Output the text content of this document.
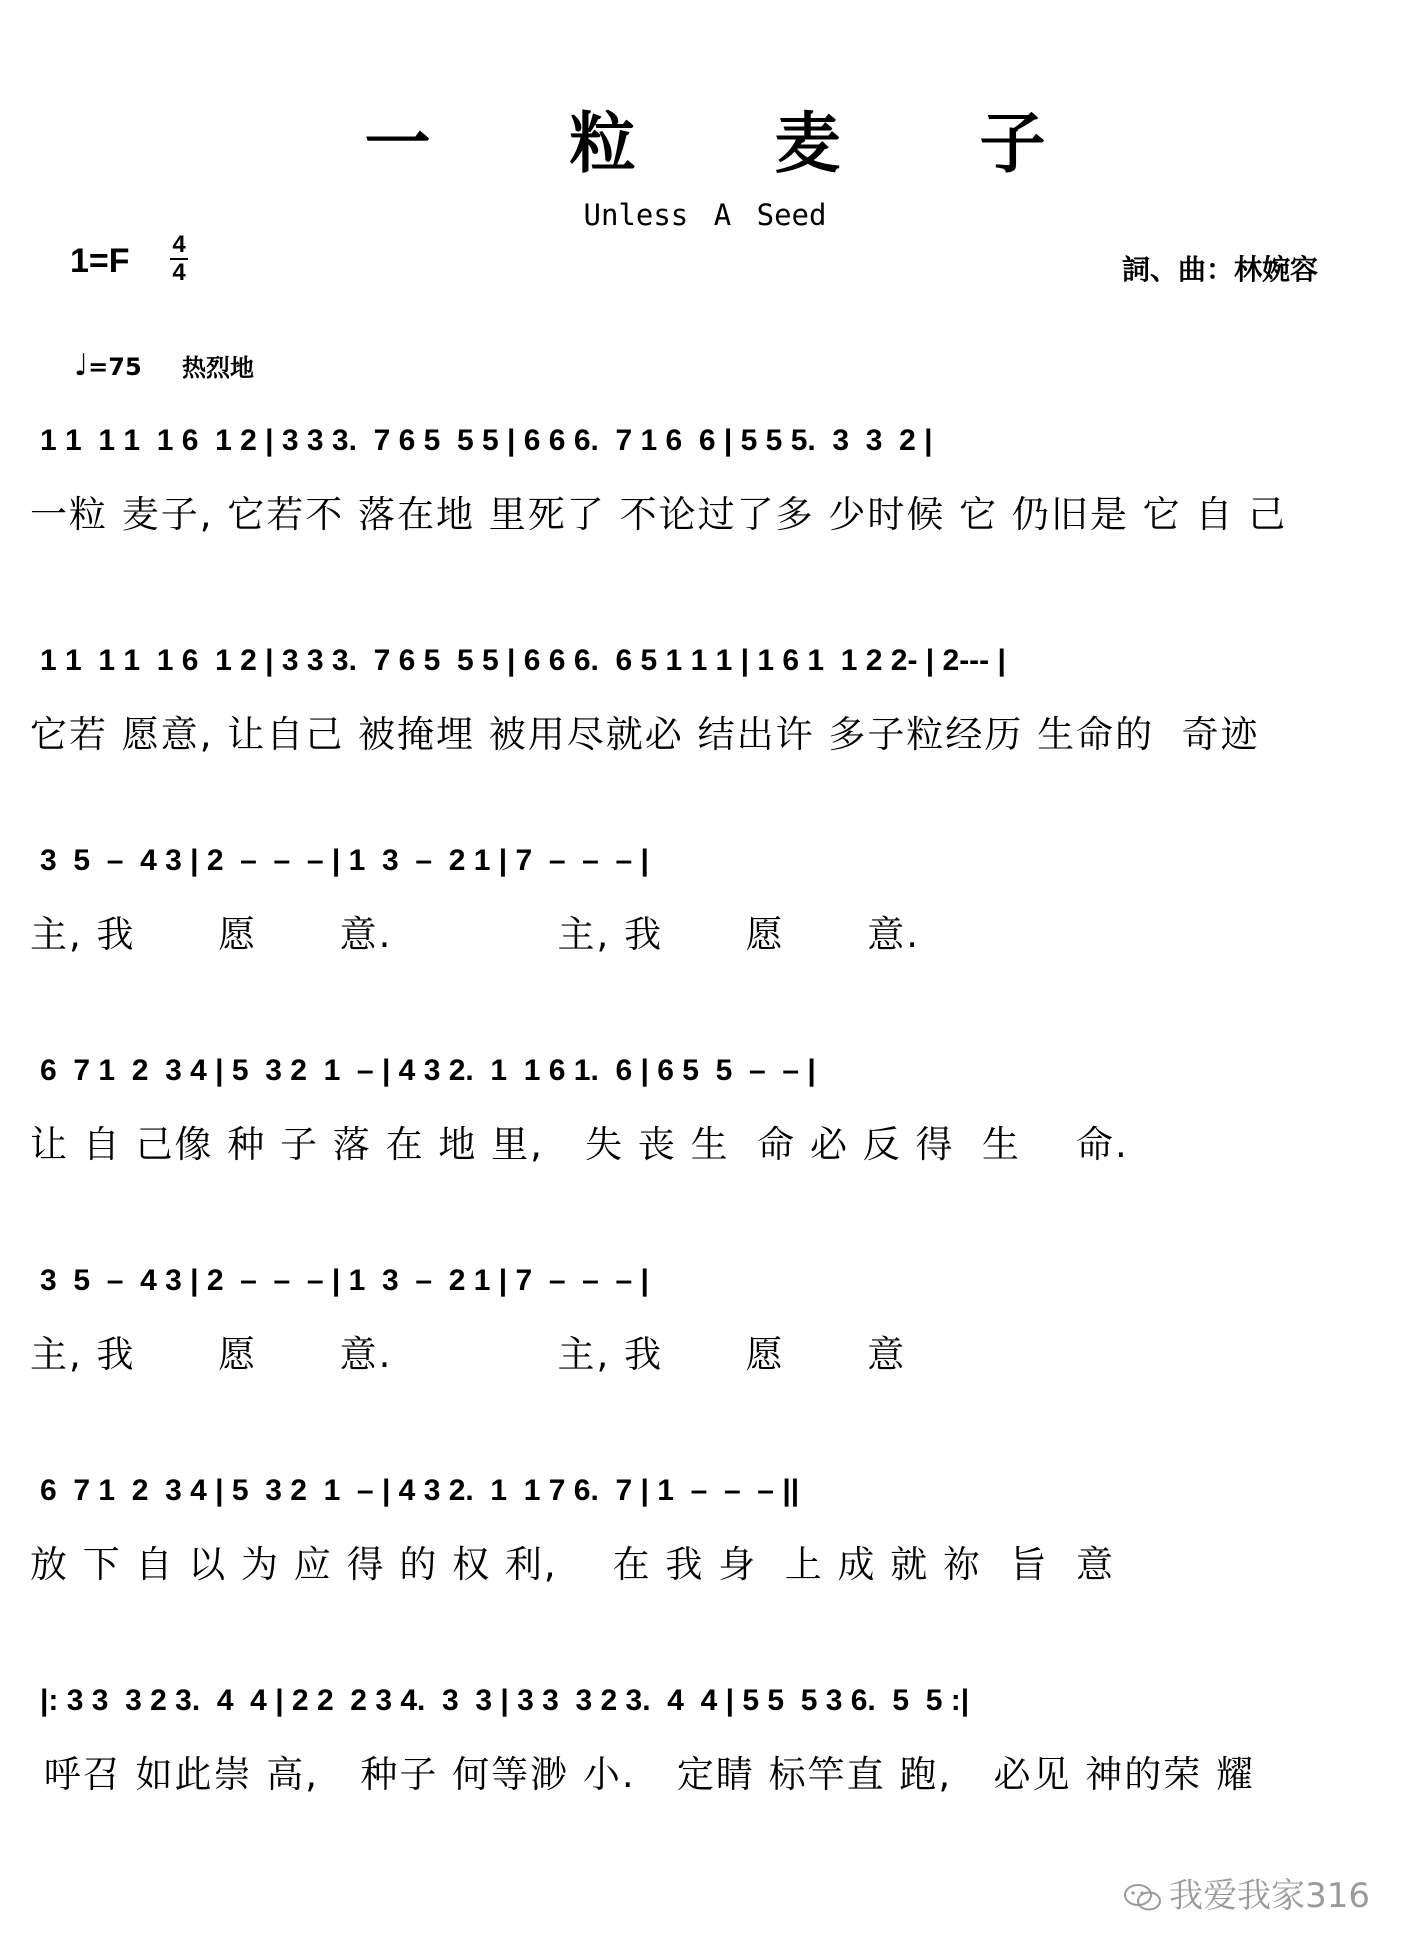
一 粒 麦 子
Unless A Seed
1=F 4
4	詞、曲：林婉容
♩=75 热烈地
1 1  1 1  1 6  1 2 | 3 3 3.  7 6 5  5 5 | 6 6 6.  7 1 6  6 | 5 5 5.  3  3  2 |
一粒 麦子, 它若不 落在地 里死了 不论过了多 少时候 它 仍旧是 它 自 己
1 1  1 1  1 6  1 2 | 3 3 3.  7 6 5  5 5 | 6 6 6.  6 5 1 1 1 | 1 6 1  1 2 2- | 2--- |
它若 愿意, 让自己 被掩埋 被用尽就必 结出许 多子粒经历 生命的  奇迹
3  5  –  4 3 | 2  –  –  – | 1  3  –  2 1 | 7  –  –  – |
主, 我      愿      意.            主, 我      愿      意.
6  7 1  2  3 4 | 5  3 2  1  – | 4 3 2.  1  1 6 1.  6 | 6 5  5  –  – |
让 自 己像 种 子 落 在 地 里,   失 丧 生  命 必 反 得  生    命.
3  5  –  4 3 | 2  –  –  – | 1  3  –  2 1 | 7  –  –  – |
主, 我      愿      意.            主, 我      愿      意
6  7 1  2  3 4 | 5  3 2  1  – | 4 3 2.  1  1 7 6.  7 | 1  –  –  – ||
放 下 自 以 为 应 得 的 权 利,    在 我 身  上 成 就 祢  旨  意
|: 3 3  3 2 3.  4  4 | 2 2  2 3 4.  3  3 | 3 3  3 2 3.  4  4 | 5 5  5 3 6.  5  5 :|
呼召 如此崇 高,   种子 何等渺 小.   定睛 标竿直 跑,   必见 神的荣 耀
我爱我家316
